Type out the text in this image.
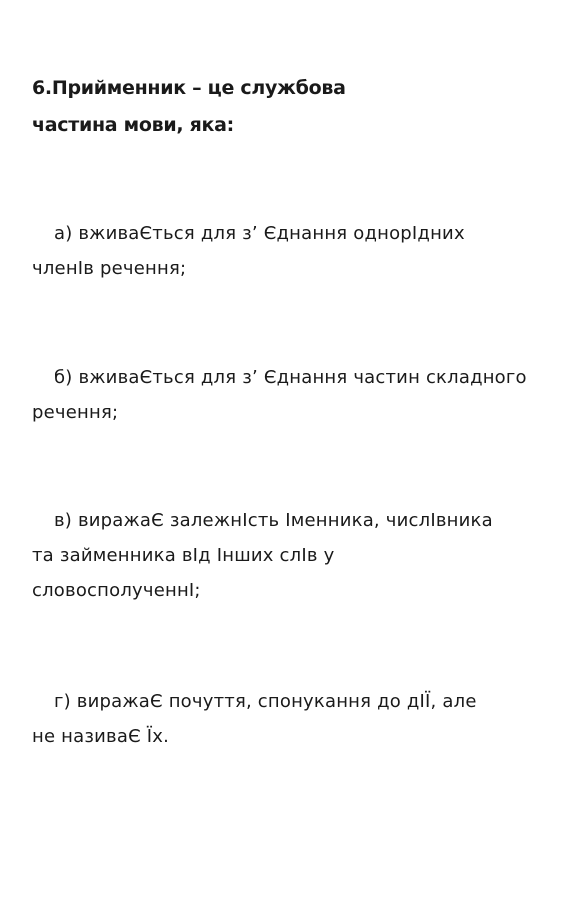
6.Прийменник – це службова
частина мови, яка:
а) вживаЄться для з’ Єднання однорІдних
членІв речення;
б) вживаЄться для з’ Єднання частин складного
речення;
в) виражаЄ залежнІсть Іменника, числІвника
та займенника вІд Інших слІв у
словосполученнІ;
г) виражаЄ почуття, спонукання до дІЇ, але
не називаЄ Їх.
